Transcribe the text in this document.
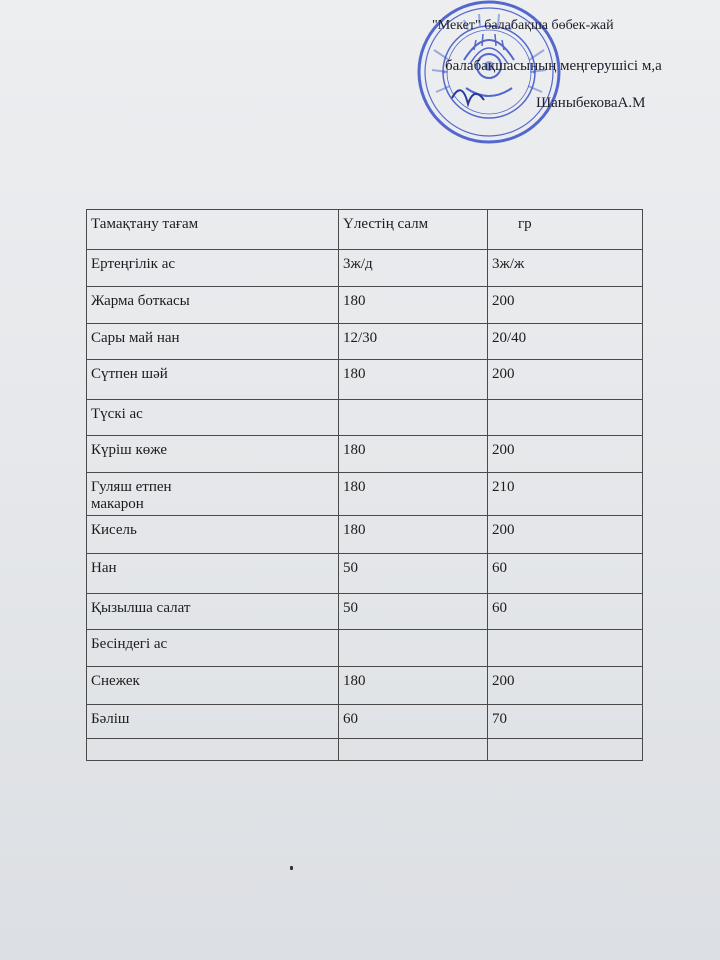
"Мекет" балабақша бөбек-жай
балабақшасының меңгерушісі м,а
ШаныбековаА.М
Тамақтану тағам	Үлестің салм	гр
Ертеңгілік ас	3ж/д	3ж/ж
Жарма боткасы	180	200
Сары май нан	12/30	20/40
Сүтпен шәй	180	200
Түскі ас		
Күріш көже	180	200
Гуляш етпен макарон	180	210
Кисель	180	200
Нан	50	60
Қызылша салат	50	60
Бесіндегі ас		
Снежек	180	200
Бәліш	60	70
